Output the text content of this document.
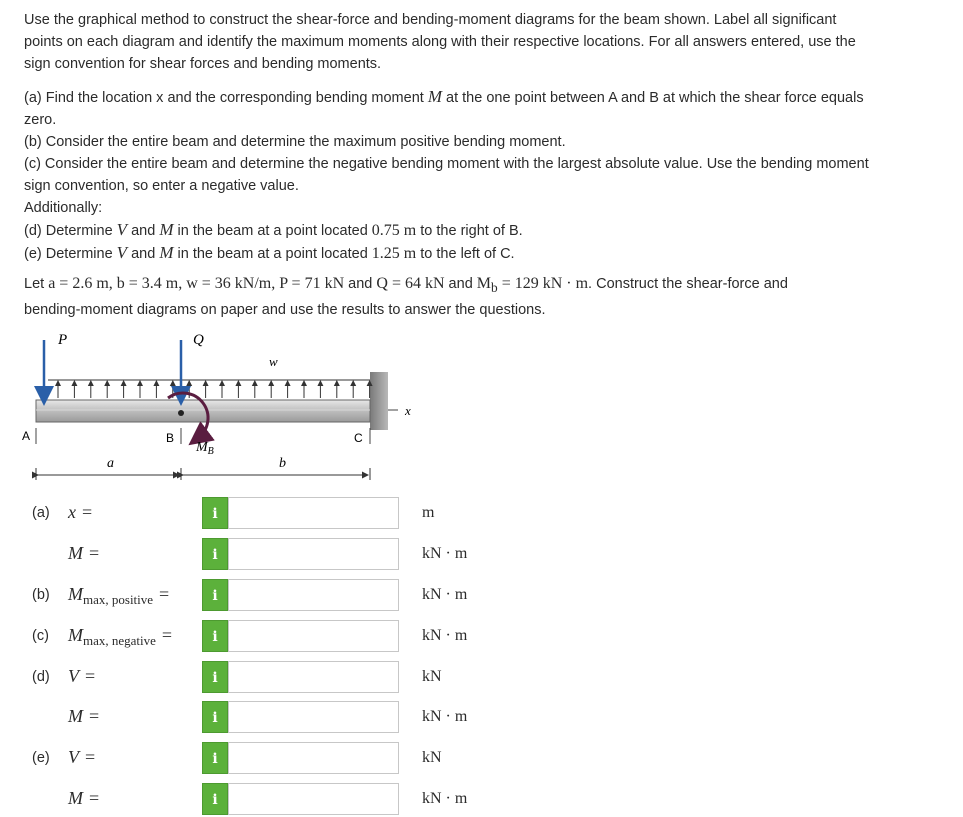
Use the graphical method to construct the shear-force and bending-moment diagrams for the beam shown. Label all significant
points on each diagram and identify the maximum moments along with their respective locations. For all answers entered, use the
sign convention for shear forces and bending moments.
(a) Find the location x and the corresponding bending moment M at the one point between A and B at which the shear force equals
zero.
(b) Consider the entire beam and determine the maximum positive bending moment.
(c) Consider the entire beam and determine the negative bending moment with the largest absolute value. Use the bending moment
sign convention, so enter a negative value.
Additionally:
(d) Determine V and M in the beam at a point located 0.75 m to the right of B.
(e) Determine V and M in the beam at a point located 1.25 m to the left of C.
Let a = 2.6 m, b = 3.4 m, w = 36 kN/m, P = 71 kN and Q = 64 kN and $M_b = 129$ kN · m. Construct the shear-force and
bending-moment diagrams on paper and use the results to answer the questions.
x
w
P	Q
$M_B$
A	B	C
a	b
(a) x =	i	m
M =	i	kN · m
(b) $M_{max, positive}$ =	i	kN · m
(c) $M_{max, negative}$ =	i	kN · m
(d) V =	i	kN
M =	i	kN · m
(e) V =	i	kN
M =	i	kN · m
